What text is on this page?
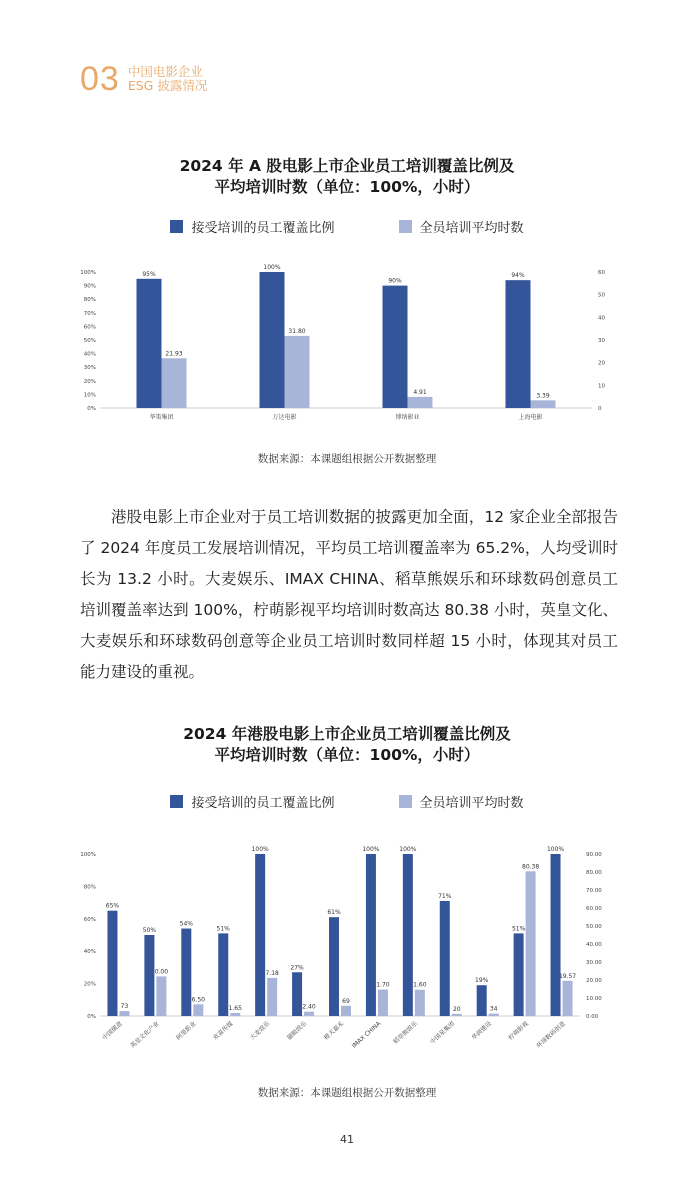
03 中国电影企业
ESG 披露情况
2024 年 A 股电影上市企业员工培训覆盖比例及
平均培训时数（单位：100%，小时）
接受培训的员工覆盖比例	全员培训平均时数
0%
10%
20%
30%
40%
50%
60%
70%
80%
90%
100%
0
10
20
30
40
50
60
95%
21.93
华策集团
100%
31.80
万达电影
90%
4.91
博纳影业
94%
3.39
上海电影
数据来源：本课题组根据公开数据整理

港股电影上市企业对于员工培训数据的披露更加全面，12 家企业全部报告了 2024 年度员工发展培训情况，平均员工培训覆盖率为 65.2%，人均受训时长为 13.2 小时。大麦娱乐、IMAX CHINA、稻草熊娱乐和环球数码创意员工培训覆盖率达到 100%，柠萌影视平均培训时数高达 80.38 小时，英皇文化、大麦娱乐和环球数码创意等企业员工培训时数同样超 15 小时，体现其对员工能力建设的重视。

2024 年港股电影上市企业员工培训覆盖比例及
平均培训时数（单位：100%，小时）
接受培训的员工覆盖比例	全员培训平均时数
0%
20%
40%
60%
80%
100%
0.00
10.00
20.00
30.00
40.00
50.00
60.00
70.00
80.00
90.00
65%
73
中国儒意
50%
0.00
英皇文化产业
54%
6.50
阿里影业
51%
1.65
欢喜传媒
100%
7.18
大麦娱乐
27%
2.40
猫眼娱乐
61%
69
橙天嘉禾
100%
1.70
IMAX CHINA
100%
1.60
稻草熊娱乐
71%
20
中国星集团
19%
34
华润建设
51%
80.38
柠萌影视
100%
19.57
环球数码创意
数据来源：本课题组根据公开数据整理
41
